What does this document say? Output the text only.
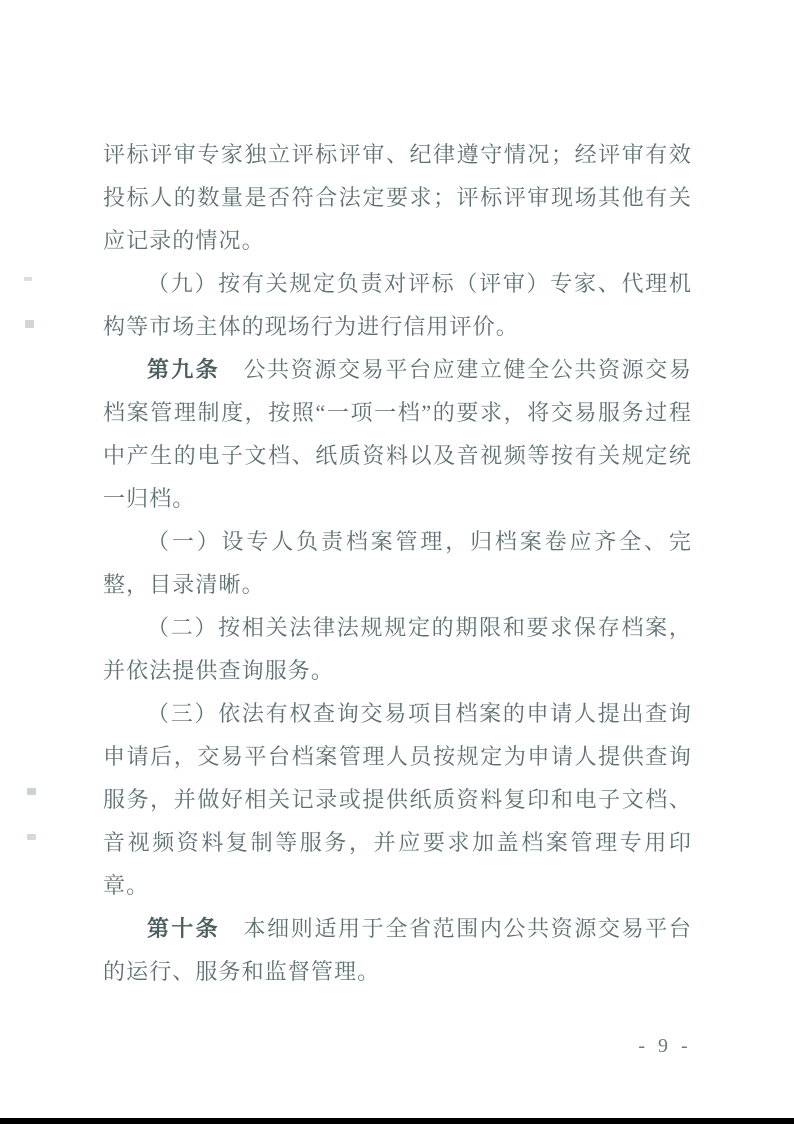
评标评审专家独立评标评审、纪律遵守情况；经评审有效投标人的数量是否符合法定要求；评标评审现场其他有关应记录的情况。

（九）按有关规定负责对评标（评审）专家、代理机构等市场主体的现场行为进行信用评价。

第九条　公共资源交易平台应建立健全公共资源交易档案管理制度，按照“一项一档”的要求，将交易服务过程中产生的电子文档、纸质资料以及音视频等按有关规定统一归档。

（一）设专人负责档案管理，归档案卷应齐全、完整，目录清晰。

（二）按相关法律法规规定的期限和要求保存档案，并依法提供查询服务。

（三）依法有权查询交易项目档案的申请人提出查询申请后，交易平台档案管理人员按规定为申请人提供查询服务，并做好相关记录或提供纸质资料复印和电子文档、音视频资料复制等服务，并应要求加盖档案管理专用印章。

第十条　本细则适用于全省范围内公共资源交易平台的运行、服务和监督管理。

- 9 -
